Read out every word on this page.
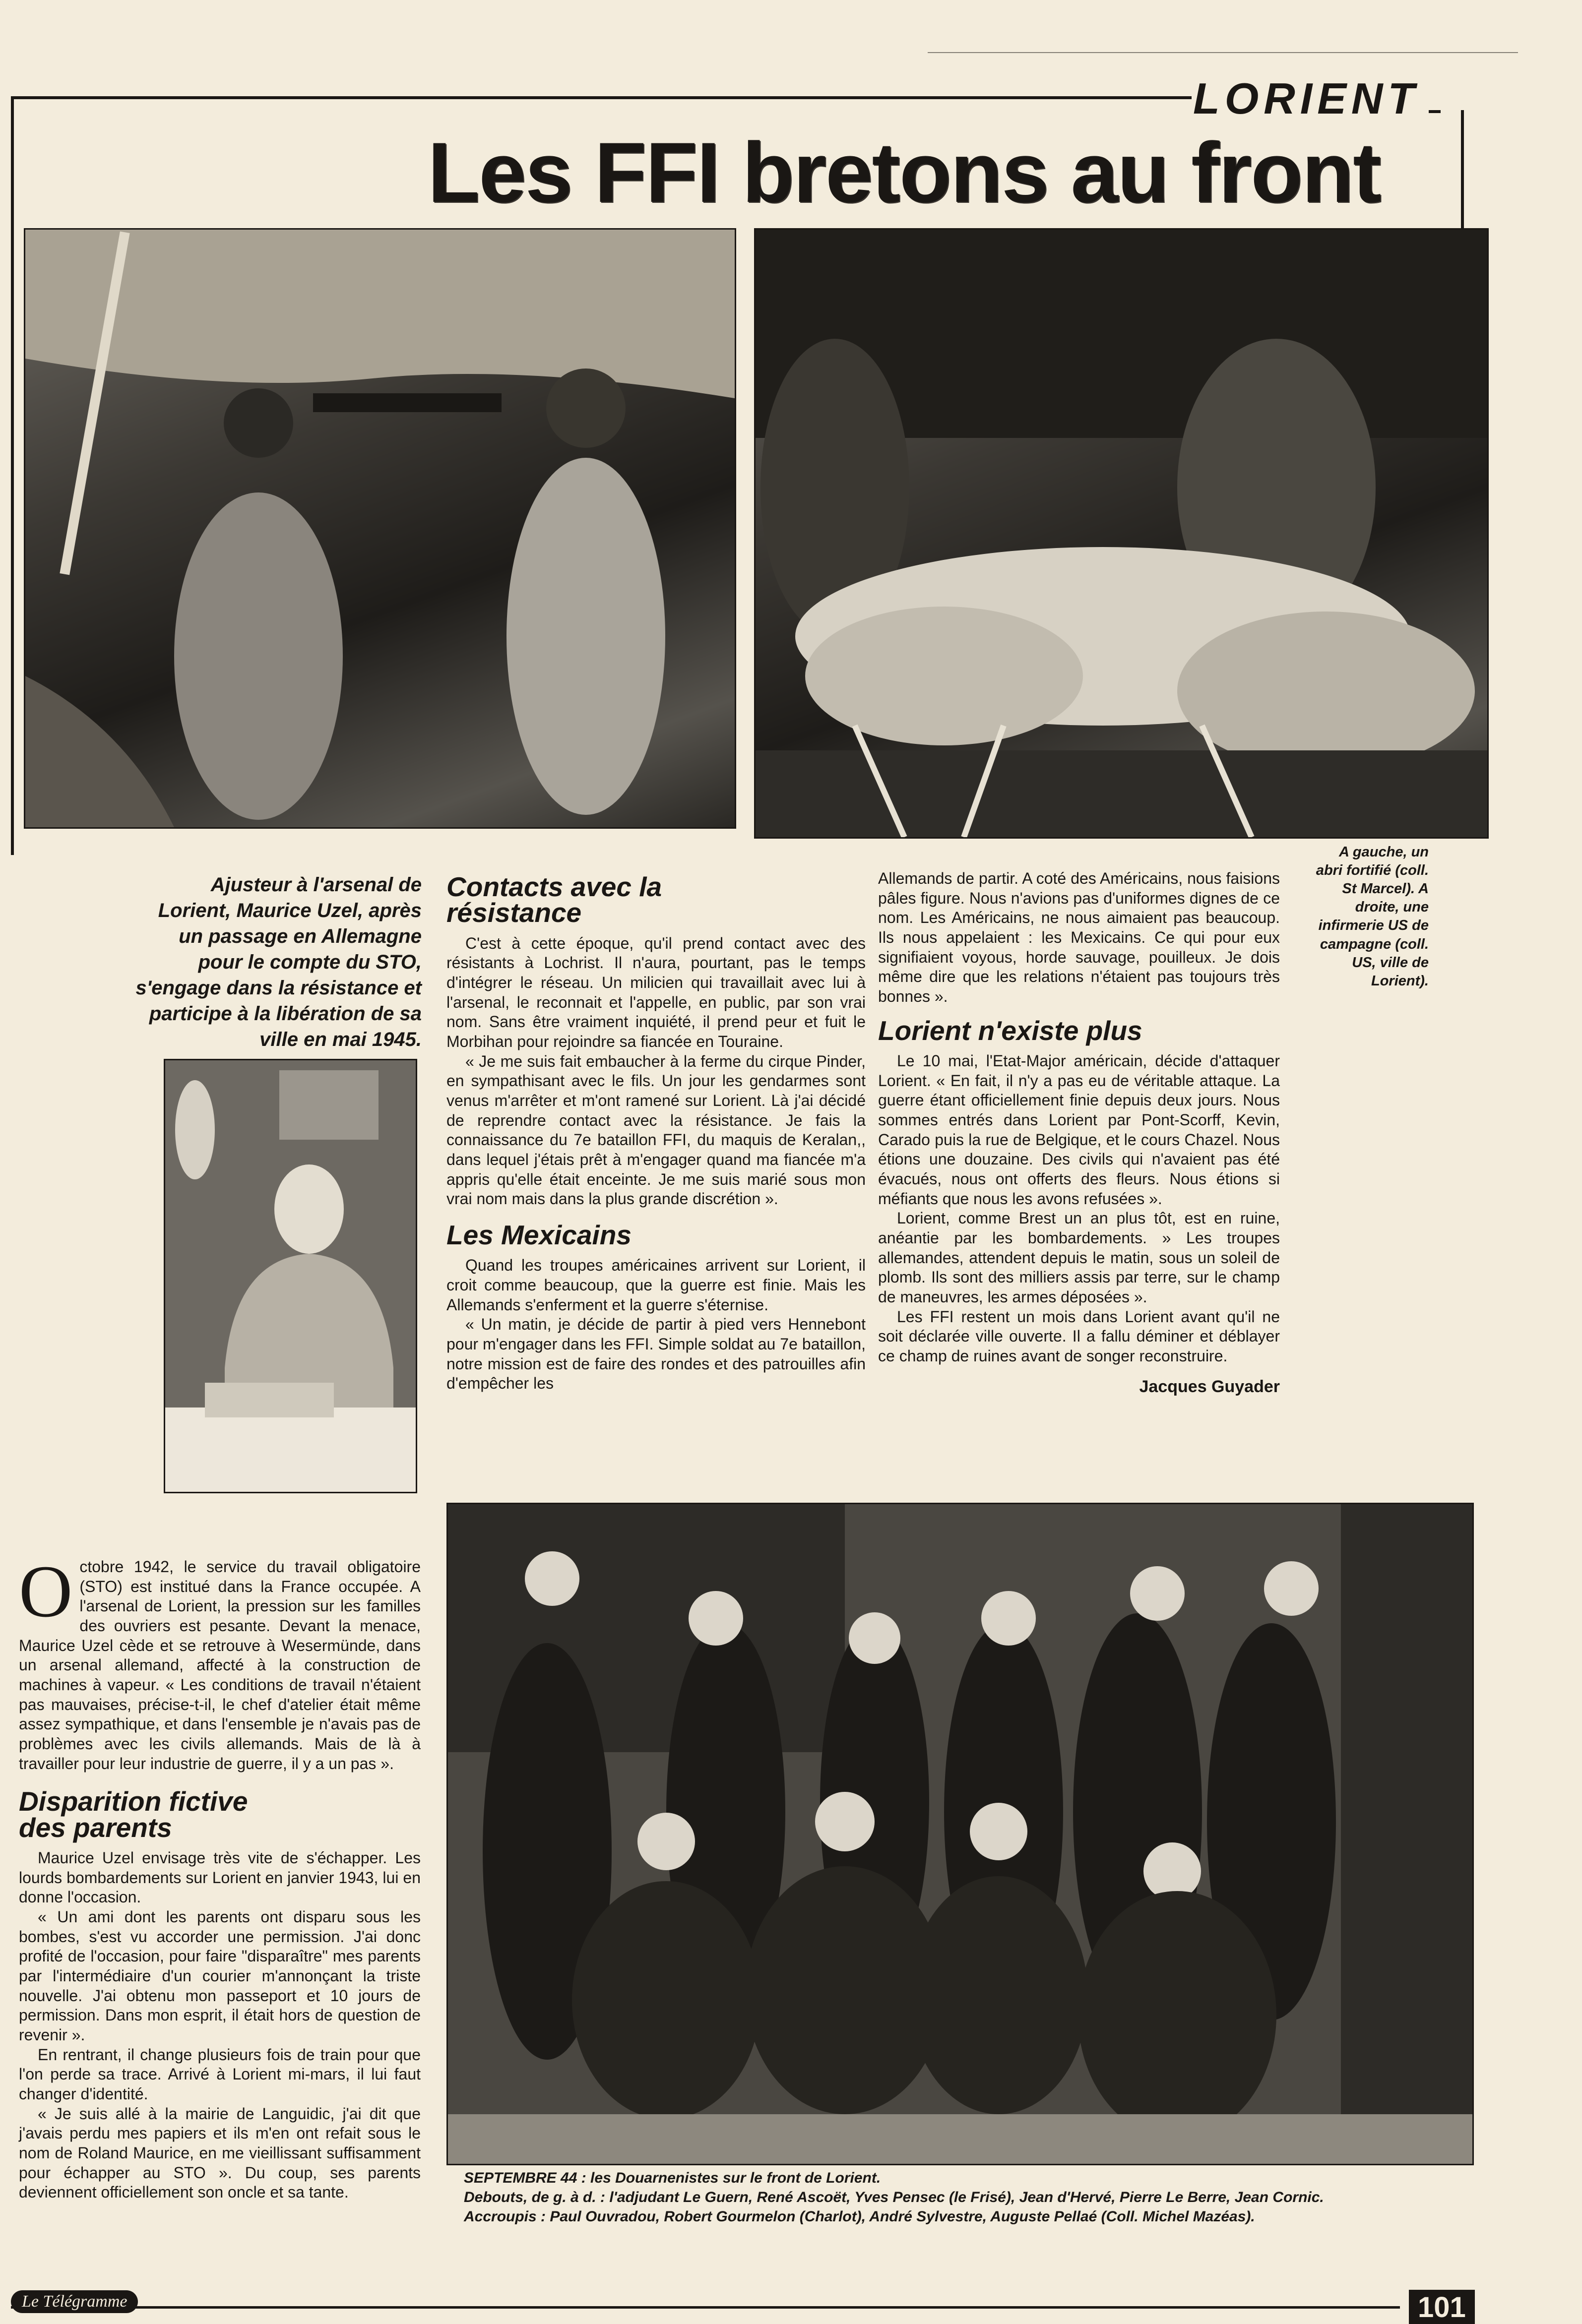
LORIENT
Les FFI bretons au front
A gauche, un abri fortifié (coll. St Marcel). A droite, une infirmerie US de campagne (coll. US, ville de Lorient).
Ajusteur à l'arsenal de Lorient, Maurice Uzel, après un passage en Allemagne pour le compte du STO, s'engage dans la résistance et participe à la libération de sa ville en mai 1945.
Contacts avec la résistance

C'est à cette époque, qu'il prend contact avec des résistants à Lochrist. Il n'aura, pourtant, pas le temps d'intégrer le réseau. Un milicien qui travaillait avec lui à l'arsenal, le reconnait et l'appelle, en public, par son vrai nom. Sans être vraiment inquiété, il prend peur et fuit le Morbihan pour rejoindre sa fiancée en Touraine.

« Je me suis fait embaucher à la ferme du cirque Pinder, en sympathisant avec le fils. Un jour les gendarmes sont venus m'arrêter et m'ont ramené sur Lorient. Là j'ai décidé de reprendre contact avec la résistance. Je fais la connaissance du 7e bataillon FFI, du maquis de Keralan,, dans lequel j'étais prêt à m'engager quand ma fiancée m'a appris qu'elle était enceinte. Je me suis marié sous mon vrai nom mais dans la plus grande discrétion ».

Les Mexicains

Quand les troupes américaines arrivent sur Lorient, il croit comme beaucoup, que la guerre est finie. Mais les Allemands s'enferment et la guerre s'éternise.

« Un matin, je décide de partir à pied vers Hennebont pour m'engager dans les FFI. Simple soldat au 7e bataillon, notre mission est de faire des rondes et des patrouilles afin d'empêcher les

Allemands de partir. A coté des Américains, nous faisions pâles figure. Nous n'avions pas d'uniformes dignes de ce nom. Les Américains, ne nous aimaient pas beaucoup. Ils nous appelaient : les Mexicains. Ce qui pour eux signifiaient voyous, horde sauvage, pouilleux. Je dois même dire que les relations n'étaient pas toujours très bonnes ».

Lorient n'existe plus

Le 10 mai, l'Etat-Major américain, décide d'attaquer Lorient. « En fait, il n'y a pas eu de véritable attaque. La guerre étant officiellement finie depuis deux jours. Nous sommes entrés dans Lorient par Pont-Scorff, Kevin, Carado puis la rue de Belgique, et le cours Chazel. Nous étions une douzaine. Des civils qui n'avaient pas été évacués, nous ont offerts des fleurs. Nous étions si méfiants que nous les avons refusées ».

Lorient, comme Brest un an plus tôt, est en ruine, anéantie par les bombardements. » Les troupes allemandes, attendent depuis le matin, sous un soleil de plomb. Ils sont des milliers assis par terre, sur le champ de maneuvres, les armes déposées ».

Les FFI restent un mois dans Lorient avant qu'il ne soit déclarée ville ouverte. Il a fallu déminer et déblayer ce champ de ruines avant de songer reconstruire.

Jacques Guyader

Octobre 1942, le service du travail obligatoire (STO) est institué dans la France occupée. A l'arsenal de Lorient, la pression sur les familles des ouvriers est pesante. Devant la menace, Maurice Uzel cède et se retrouve à Wesermünde, dans un arsenal allemand, affecté à la construction de machines à vapeur. « Les conditions de travail n'étaient pas mauvaises, précise-t-il, le chef d'atelier était même assez sympathique, et dans l'ensemble je n'avais pas de problèmes avec les civils allemands. Mais de là à travailler pour leur industrie de guerre, il y a un pas ».

Disparition fictive des parents

Maurice Uzel envisage très vite de s'échapper. Les lourds bombardements sur Lorient en janvier 1943, lui en donne l'occasion.

« Un ami dont les parents ont disparu sous les bombes, s'est vu accorder une permission. J'ai donc profité de l'occasion, pour faire "disparaître" mes parents par l'intermédiaire d'un courier m'annonçant la triste nouvelle. J'ai obtenu mon passeport et 10 jours de permission. Dans mon esprit, il était hors de question de revenir ».

En rentrant, il change plusieurs fois de train pour que l'on perde sa trace. Arrivé à Lorient mi-mars, il lui faut changer d'identité.

« Je suis allé à la mairie de Languidic, j'ai dit que j'avais perdu mes papiers et ils m'en ont refait sous le nom de Roland Maurice, en me vieillissant suffisamment pour échapper au STO ». Du coup, ses parents deviennent officiellement son oncle et sa tante.

SEPTEMBRE 44 : les Douarnenistes sur le front de Lorient.
Debouts, de g. à d. : l'adjudant Le Guern, René Ascoët, Yves Pensec (le Frisé), Jean d'Hervé, Pierre Le Berre, Jean Cornic.
Accroupis : Paul Ouvradou, Robert Gourmelon (Charlot), André Sylvestre, Auguste Pellaé (Coll. Michel Mazéas).
Le Télégramme	101
